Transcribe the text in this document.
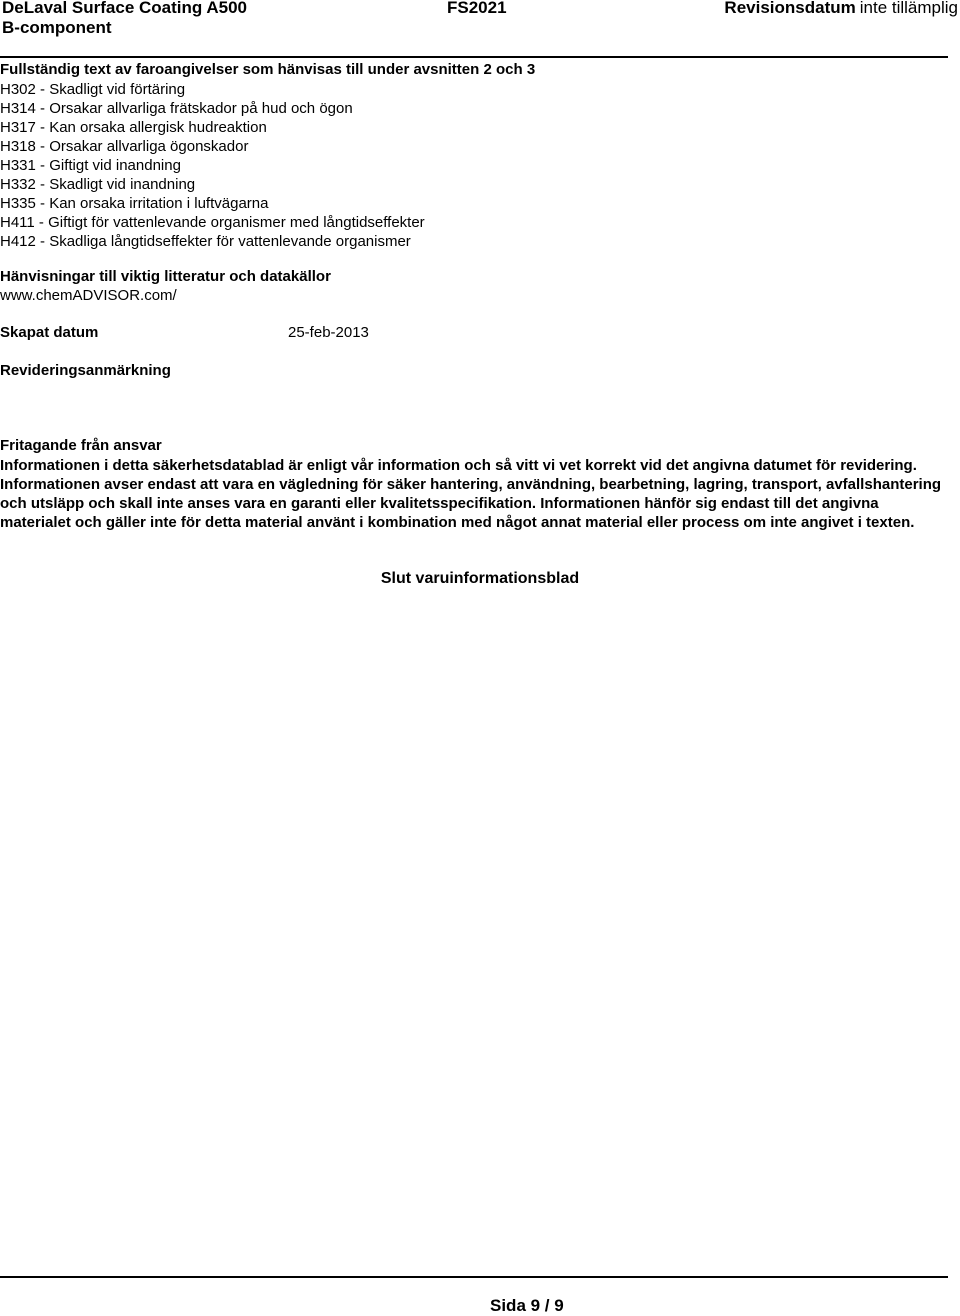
DeLaval Surface Coating A500
B-component
FS2021	Revisionsdatum inte tillämplig
Fullständig text av faroangivelser som hänvisas till under avsnitten 2 och 3
H302 - Skadligt vid förtäring
H314 - Orsakar allvarliga frätskador på hud och ögon
H317 - Kan orsaka allergisk hudreaktion
H318 - Orsakar allvarliga ögonskador
H331 - Giftigt vid inandning
H332 - Skadligt vid inandning
H335 - Kan orsaka irritation i luftvägarna
H411 - Giftigt för vattenlevande organismer med långtidseffekter
H412 - Skadliga långtidseffekter för vattenlevande organismer
Hänvisningar till viktig litteratur och datakällor
www.chemADVISOR.com/
Skapat datum	25-feb-2013
Revideringsanmärkning
Fritagande från ansvar

Informationen i detta säkerhetsdatablad är enligt vår information och så vitt vi vet korrekt vid det angivna datumet för revidering. Informationen avser endast att vara en vägledning för säker hantering, användning, bearbetning, lagring, transport, avfallshantering och utsläpp och skall inte anses vara en garanti eller kvalitetsspecifikation. Informationen hänför sig endast till det angivna materialet och gäller inte för detta material använt i kombination med något annat material eller process om inte angivet i texten.

Slut varuinformationsblad
Sida 9 / 9
